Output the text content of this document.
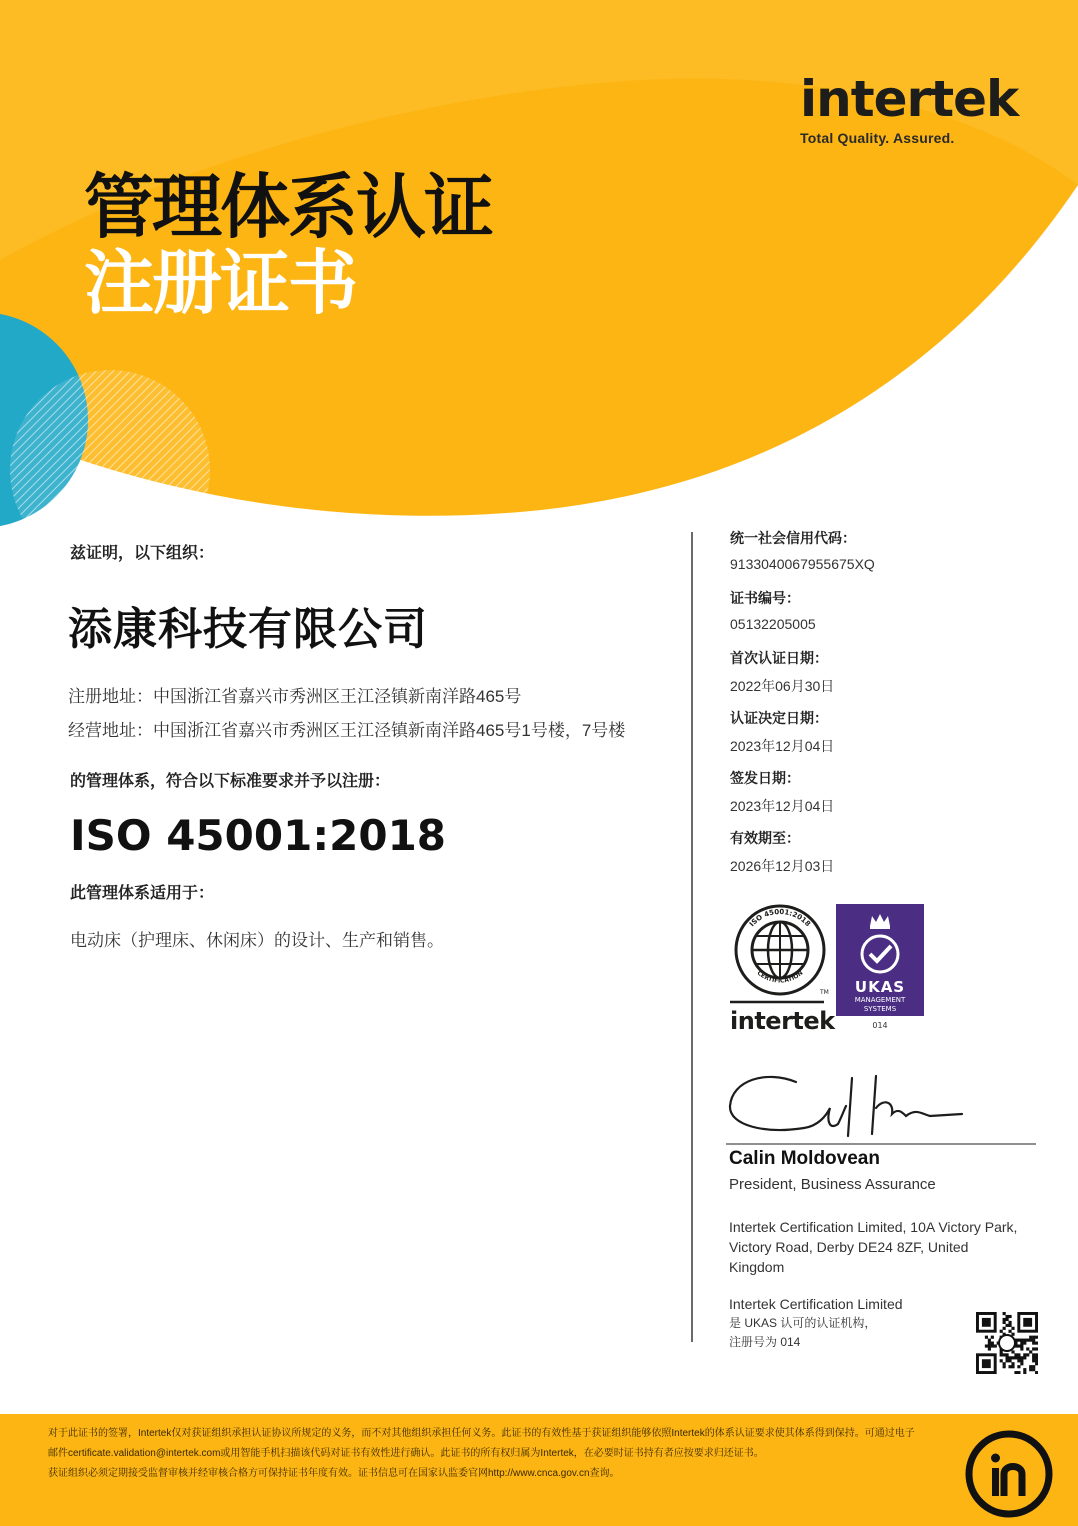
intertek
Total Quality. Assured.
管理体系认证
注册证书
兹证明，以下组织：
添康科技有限公司
注册地址：中国浙江省嘉兴市秀洲区王江泾镇新南洋路465号
经营地址：中国浙江省嘉兴市秀洲区王江泾镇新南洋路465号1号楼，7号楼
的管理体系，符合以下标准要求并予以注册：
ISO 45001:2018
此管理体系适用于：
电动床（护理床、休闲床）的设计、生产和销售。
统一社会信用代码：
9133040067955675XQ
证书编号：
05132205005
首次认证日期：
2022年06月30日
认证决定日期：
2023年12月04日
签发日期：
2023年12月04日
有效期至：
2026年12月03日
ISO 45001:2018
CERTIFICATION
TM
intertek
UKAS
MANAGEMENT
SYSTEMS
014
Calin Moldovean
President, Business Assurance
Intertek Certification Limited, 10A Victory Park, Victory Road, Derby DE24 8ZF, United Kingdom
Intertek Certification Limited
是 UKAS 认可的认证机构，
注册号为 014

对于此证书的签署，Intertek仅对获证组织承担认证协议所规定的义务，而不对其他组织承担任何义务。此证书的有效性基于获证组织能够依照Intertek的体系认证要求使其体系得到保持。可通过电子邮件certificate.validation@intertek.com或用智能手机扫描该代码对证书有效性进行确认。此证书的所有权归属为Intertek，在必要时证书持有者应按要求归还证书。

获证组织必须定期接受监督审核并经审核合格方可保持证书年度有效。证书信息可在国家认监委官网http://www.cnca.gov.cn查询。
